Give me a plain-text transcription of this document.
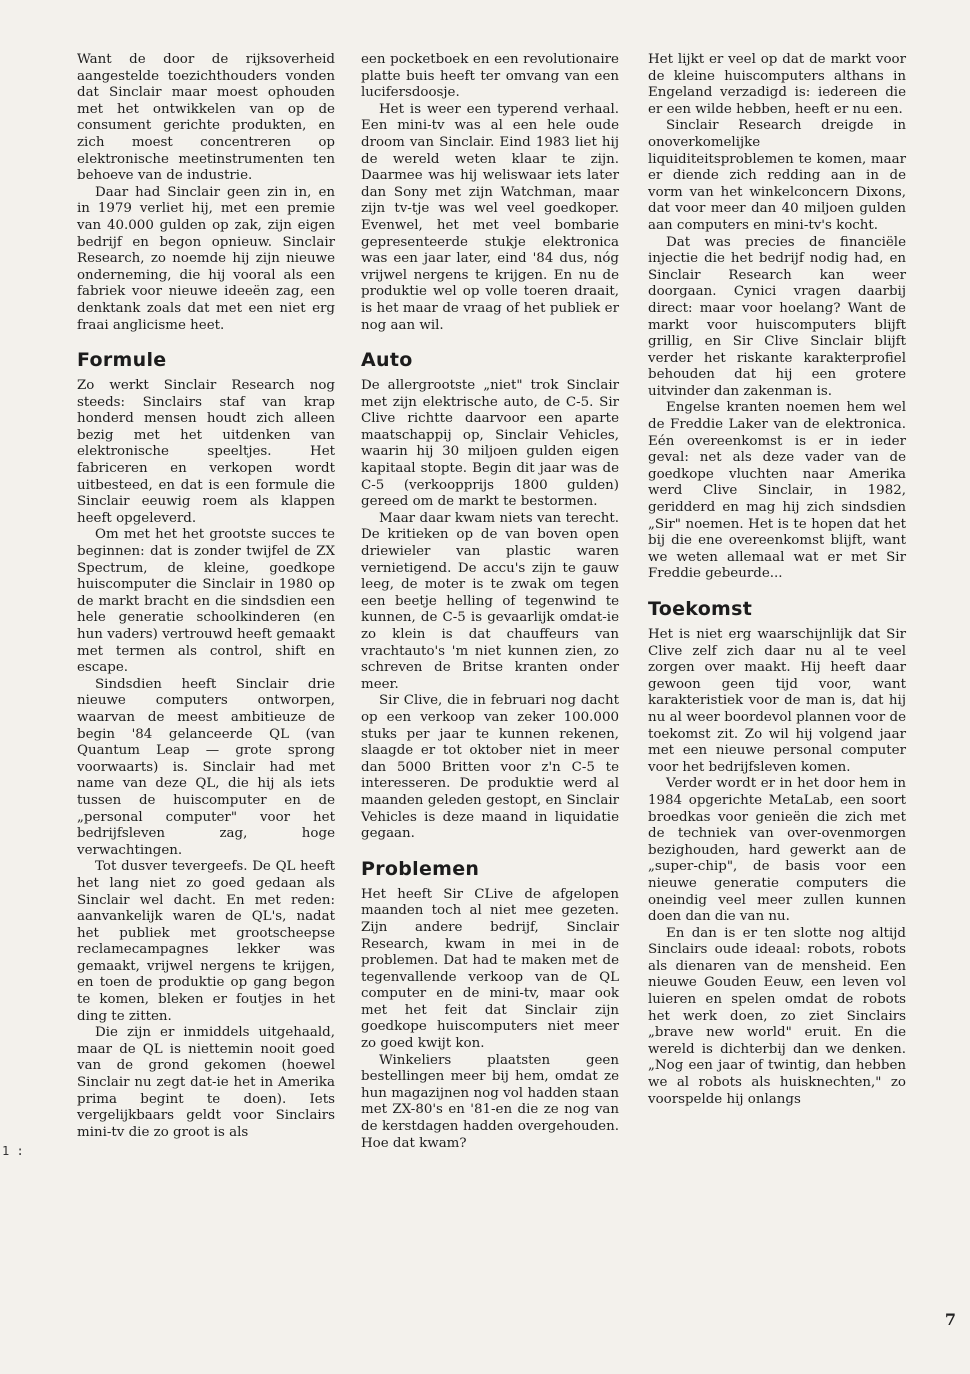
Want de door de rijksoverheid aangestelde toezichthouders vonden dat Sinclair maar moest ophouden met het ontwikkelen van op de consument gerichte produkten, en zich moest concentreren op elektronische meetinstrumenten ten behoeve van de industrie.

Daar had Sinclair geen zin in, en in 1979 verliet hij, met een premie van 40.000 gulden op zak, zijn eigen bedrijf en begon opnieuw. Sinclair Research, zo noemde hij zijn nieuwe onderneming, die hij vooral als een fabriek voor nieuwe ideeën zag, een denktank zoals dat met een niet erg fraai anglicisme heet.

Formule

Zo werkt Sinclair Research nog steeds: Sinclairs staf van krap honderd mensen houdt zich alleen bezig met het uitdenken van elektronische speeltjes. Het fabriceren en verkopen wordt uitbesteed, en dat is een formule die Sinclair eeuwig roem als klappen heeft opgeleverd.

Om met het het grootste succes te beginnen: dat is zonder twijfel de ZX Spectrum, de kleine, goedkope huiscomputer die Sinclair in 1980 op de markt bracht en die sindsdien een hele generatie schoolkinderen (en hun vaders) vertrouwd heeft gemaakt met termen als control, shift en escape.

Sindsdien heeft Sinclair drie nieuwe computers ontworpen, waarvan de meest ambitieuze de begin '84 gelanceerde QL (van Quantum Leap — grote sprong voorwaarts) is. Sinclair had met name van deze QL, die hij als iets tussen de huiscomputer en de „personal computer" voor het bedrijfsleven zag, hoge verwachtingen.

Tot dusver tevergeefs. De QL heeft het lang niet zo goed gedaan als Sinclair wel dacht. En met reden: aanvankelijk waren de QL's, nadat het publiek met grootscheepse reclamecampagnes lekker was gemaakt, vrijwel nergens te krijgen, en toen de produktie op gang begon te komen, bleken er foutjes in het ding te zitten.

Die zijn er inmiddels uitgehaald, maar de QL is niettemin nooit goed van de grond gekomen (hoewel Sinclair nu zegt dat-ie het in Amerika prima begint te doen). Iets vergelijkbaars geldt voor Sinclairs mini-tv die zo groot is als

een pocketboek en een revolutionaire platte buis heeft ter omvang van een lucifersdoosje.

Het is weer een typerend verhaal. Een mini-tv was al een hele oude droom van Sinclair. Eind 1983 liet hij de wereld weten klaar te zijn. Daarmee was hij weliswaar iets later dan Sony met zijn Watchman, maar zijn tv-tje was wel veel goedkoper. Evenwel, het met veel bombarie gepresenteerde stukje elektronica was een jaar later, eind '84 dus, nóg vrijwel nergens te krijgen. En nu de produktie wel op volle toeren draait, is het maar de vraag of het publiek er nog aan wil.

Auto

De allergrootste „niet" trok Sinclair met zijn elektrische auto, de C-5. Sir Clive richtte daarvoor een aparte maatschappij op, Sinclair Vehicles, waarin hij 30 miljoen gulden eigen kapitaal stopte. Begin dit jaar was de C-5 (verkoopprijs 1800 gulden) gereed om de markt te bestormen.

Maar daar kwam niets van terecht. De kritieken op de van boven open driewieler van plastic waren vernietigend. De accu's zijn te gauw leeg, de moter is te zwak om tegen een beetje helling of tegenwind te kunnen, de C-5 is gevaarlijk omdat-ie zo klein is dat chauffeurs van vrachtauto's 'm niet kunnen zien, zo schreven de Britse kranten onder meer.

Sir Clive, die in februari nog dacht op een verkoop van zeker 100.000 stuks per jaar te kunnen rekenen, slaagde er tot oktober niet in meer dan 5000 Britten voor z'n C-5 te interesseren. De produktie werd al maanden geleden gestopt, en Sinclair Vehicles is deze maand in liquidatie gegaan.

Problemen

Het heeft Sir CLive de afgelopen maanden toch al niet mee gezeten. Zijn andere bedrijf, Sinclair Research, kwam in mei in de problemen. Dat had te maken met de tegenvallende verkoop van de QL computer en de mini-tv, maar ook met het feit dat Sinclair zijn goedkope huiscomputers niet meer zo goed kwijt kon.

Winkeliers plaatsten geen bestellingen meer bij hem, omdat ze hun magazijnen nog vol hadden staan met ZX-80's en '81-en die ze nog van de kerstdagen hadden overgehouden. Hoe dat kwam?

Het lijkt er veel op dat de markt voor de kleine huiscomputers althans in Engeland verzadigd is: iedereen die er een wilde hebben, heeft er nu een.

Sinclair Research dreigde in onoverkomelijke liquiditeitsproblemen te komen, maar er diende zich redding aan in de vorm van het winkelconcern Dixons, dat voor meer dan 40 miljoen gulden aan computers en mini-tv's kocht.

Dat was precies de financiële injectie die het bedrijf nodig had, en Sinclair Research kan weer doorgaan. Cynici vragen daarbij direct: maar voor hoelang? Want de markt voor huiscomputers blijft grillig, en Sir Clive Sinclair blijft verder het riskante karakterprofiel behouden dat hij een grotere uitvinder dan zakenman is.

Engelse kranten noemen hem wel de Freddie Laker van de elektronica. Eén overeenkomst is er in ieder geval: net als deze vader van de goedkope vluchten naar Amerika werd Clive Sinclair, in 1982, geridderd en mag hij zich sindsdien „Sir" noemen. Het is te hopen dat het bij die ene overeenkomst blijft, want we weten allemaal wat er met Sir Freddie gebeurde...

Toekomst

Het is niet erg waarschijnlijk dat Sir Clive zelf zich daar nu al te veel zorgen over maakt. Hij heeft daar gewoon geen tijd voor, want karakteristiek voor de man is, dat hij nu al weer boordevol plannen voor de toekomst zit. Zo wil hij volgend jaar met een nieuwe personal computer voor het bedrijfsleven komen.

Verder wordt er in het door hem in 1984 opgerichte MetaLab, een soort broedkas voor genieën die zich met de techniek van over-ovenmorgen bezighouden, hard gewerkt aan de „super-chip", de basis voor een nieuwe generatie computers die oneindig veel meer zullen kunnen doen dan die van nu.

En dan is er ten slotte nog altijd Sinclairs oude ideaal: robots, robots als dienaren van de mensheid. Een nieuwe Gouden Eeuw, een leven vol luieren en spelen omdat de robots het werk doen, zo ziet Sinclairs „brave new world" eruit. En die wereld is dichterbij dan we denken. „Nog een jaar of twintig, dan hebben we al robots als huisknechten," zo voorspelde hij onlangs

1 :
7
